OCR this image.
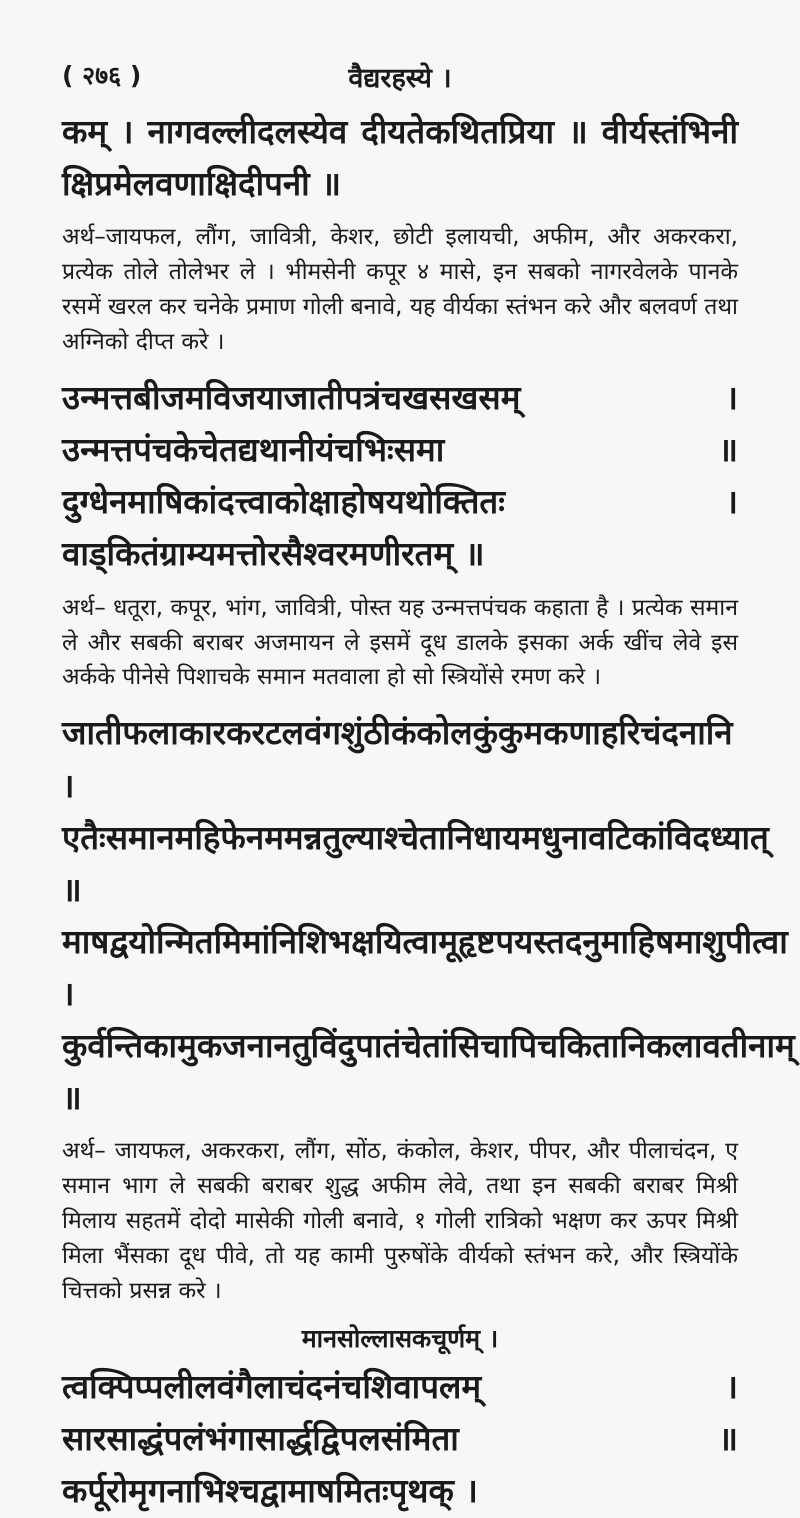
( २७६ )	वैद्यरहस्ये ।
कम् । नागवल्लीदलस्येव दीयतेकथितप्रिया ॥ वीर्यस्तंभिनी क्षिप्रमेलवणाक्षिदीपनी ॥
अर्थ–जायफल, लौंग, जावित्री, केशर, छोटी इलायची, अफीम, और अकरकरा, प्रत्येक तोले तोलेभर ले । भीमसेनी कपूर ४ मासे, इन सबको नागरवेलके पानके रसमें खरल कर चनेके प्रमाण गोली बनावे, यह वीर्यका स्तंभन करे और बलवर्ण तथा अग्निको दीप्त करे ।
उन्मत्तबीजमविजयाजातीपत्रंचखसखसम् । उन्मत्तपंचकेचेतद्यथानीयंचभिःसमा ॥ दुग्धेनमाषिकांदत्त्वाकोक्षाहोषयथोक्तितः । वाड्कितंग्राम्यमत्तोरसैश्वरमणीरतम् ॥
अर्थ– धतूरा, कपूर, भांग, जावित्री, पोस्त यह उन्मत्तपंचक कहाता है । प्रत्येक समान ले और सबकी बराबर अजमायन ले इसमें दूध डालके इसका अर्क खींच लेवे इस अर्कके पीनेसे पिशाचके समान मतवाला हो सो स्त्रियोंसे रमण करे ।
जातीफलाकारकरटलवंगशुंठीकंकोलकुंकुमकणाहरिचंदनानि । एतैःसमानमहिफेनममन्नतुल्याश्चेतानिधायमधुनावटिकांविदध्यात् ॥ माषद्वयोन्मितमिमांनिशिभक्षयित्वामूहृष्टपयस्तदनुमाहिषमाशुपीत्वा । कुर्वन्तिकामुकजनानतुविंदुपातंचेतांसिचापिचकितानिकलावतीनाम् ॥
अर्थ– जायफल, अकरकरा, लौंग, सोंठ, कंकोल, केशर, पीपर, और पीलाचंदन, ए समान भाग ले सबकी बराबर शुद्ध अफीम लेवे, तथा इन सबकी बराबर मिश्री मिलाय सहतमें दोदो मासेकी गोली बनावे, १ गोली रात्रिको भक्षण कर ऊपर मिश्री मिला भैंसका दूध पीवे, तो यह कामी पुरुषोंके वीर्यको स्तंभन करे, और स्त्रियोंके चित्तको प्रसन्न करे ।
मानसोल्लासकचूर्णम् ।
त्वक्पिप्पलीलवंगैलाचंदनंचशिवापलम् । सारसाद्धंपलंभंगासार्द्धद्विपलसंमिता ॥ कर्पूरोमृगनाभिश्चद्वामाषमितःपृथक् ।
